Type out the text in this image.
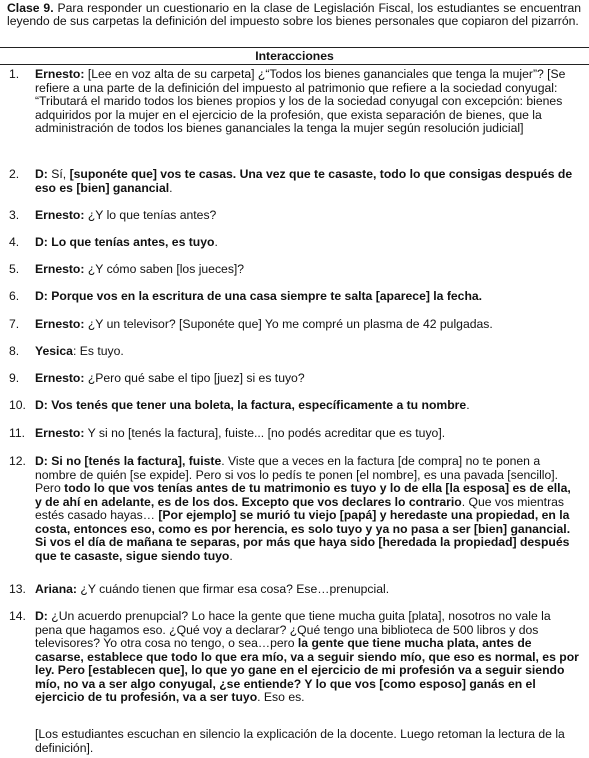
Clase 9. Para responder un cuestionario en la clase de Legislación Fiscal, los estudiantes se encuentran leyendo de sus carpetas la definición del impuesto sobre los bienes personales que copiaron del pizarrón.
Interacciones
1.	Ernesto: [Lee en voz alta de su carpeta] ¿“Todos los bienes gananciales que tenga la mujer”? [Se refiere a una parte de la definición del impuesto al patrimonio que refiere a la sociedad conyugal: “Tributará el marido todos los bienes propios y los de la sociedad conyugal con excepción: bienes adquiridos por la mujer en el ejercicio de la profesión, que exista separación de bienes, que la administración de todos los bienes gananciales la tenga la mujer según resolución judicial]
2.	D: Sí, [suponéte que] vos te casas. Una vez que te casaste, todo lo que consigas después de eso es [bien] ganancial.
3.	Ernesto: ¿Y lo que tenías antes?
4.	D: Lo que tenías antes, es tuyo.
5.	Ernesto: ¿Y cómo saben [los jueces]?
6.	D: Porque vos en la escritura de una casa siempre te salta [aparece] la fecha.
7.	Ernesto: ¿Y un televisor? [Suponéte que] Yo me compré un plasma de 42 pulgadas.
8.	Yesica: Es tuyo.
9.	Ernesto: ¿Pero qué sabe el tipo [juez] si es tuyo?
10. D: Vos tenés que tener una boleta, la factura, específicamente a tu nombre.
11. Ernesto: Y si no [tenés la factura], fuiste... [no podés acreditar que es tuyo].
12. D: Si no [tenés la factura], fuiste. Viste que a veces en la factura [de compra] no te ponen a nombre de quién [se expide]. Pero si vos lo pedís te ponen [el nombre], es una pavada [sencillo]. Pero todo lo que vos tenías antes de tu matrimonio es tuyo y lo de ella [la esposa] es de ella, y de ahí en adelante, es de los dos. Excepto que vos declares lo contrario. Que vos mientras estés casado hayas… [Por ejemplo] se murió tu viejo [papá] y heredaste una propiedad, en la costa, entonces eso, como es por herencia, es solo tuyo y ya no pasa a ser [bien] ganancial. Si vos el día de mañana te separas, por más que haya sido [heredada la propiedad] después que te casaste, sigue siendo tuyo.
13. Ariana: ¿Y cuándo tienen que firmar esa cosa? Ese…prenupcial.
14. D: ¿Un acuerdo prenupcial? Lo hace la gente que tiene mucha guita [plata], nosotros no vale la pena que hagamos eso. ¿Qué voy a declarar? ¿Qué tengo una biblioteca de 500 libros y dos televisores? Yo otra cosa no tengo, o sea…pero la gente que tiene mucha plata, antes de casarse, establece que todo lo que era mío, va a seguir siendo mío, que eso es normal, es por ley. Pero [establecen que], lo que yo gane en el ejercicio de mi profesión va a seguir siendo mío, no va a ser algo conyugal, ¿se entiende? Y lo que vos [como esposo] ganás en el ejercicio de tu profesión, va a ser tuyo. Eso es.
[Los estudiantes escuchan en silencio la explicación de la docente. Luego retoman la lectura de la definición].
